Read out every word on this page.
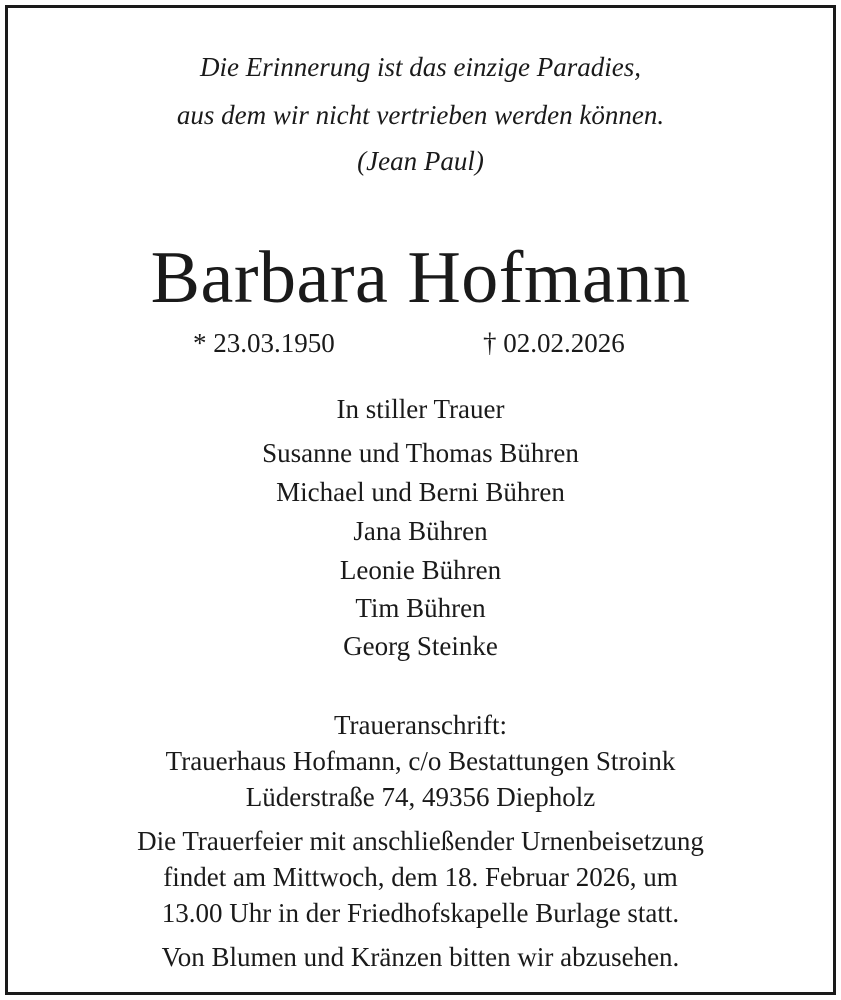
Die Erinnerung ist das einzige Paradies,
aus dem wir nicht vertrieben werden können.
(Jean Paul)
Barbara Hofmann
* 23.03.1950	† 02.02.2026
In stiller Trauer
Susanne und Thomas Bühren
Michael und Berni Bühren
Jana Bühren
Leonie Bühren
Tim Bühren
Georg Steinke
Traueranschrift:
Trauerhaus Hofmann, c/o Bestattungen Stroink
Lüderstraße 74, 49356 Diepholz
Die Trauerfeier mit anschließender Urnenbeisetzung
findet am Mittwoch, dem 18. Februar 2026, um
13.00 Uhr in der Friedhofskapelle Burlage statt.
Von Blumen und Kränzen bitten wir abzusehen.
